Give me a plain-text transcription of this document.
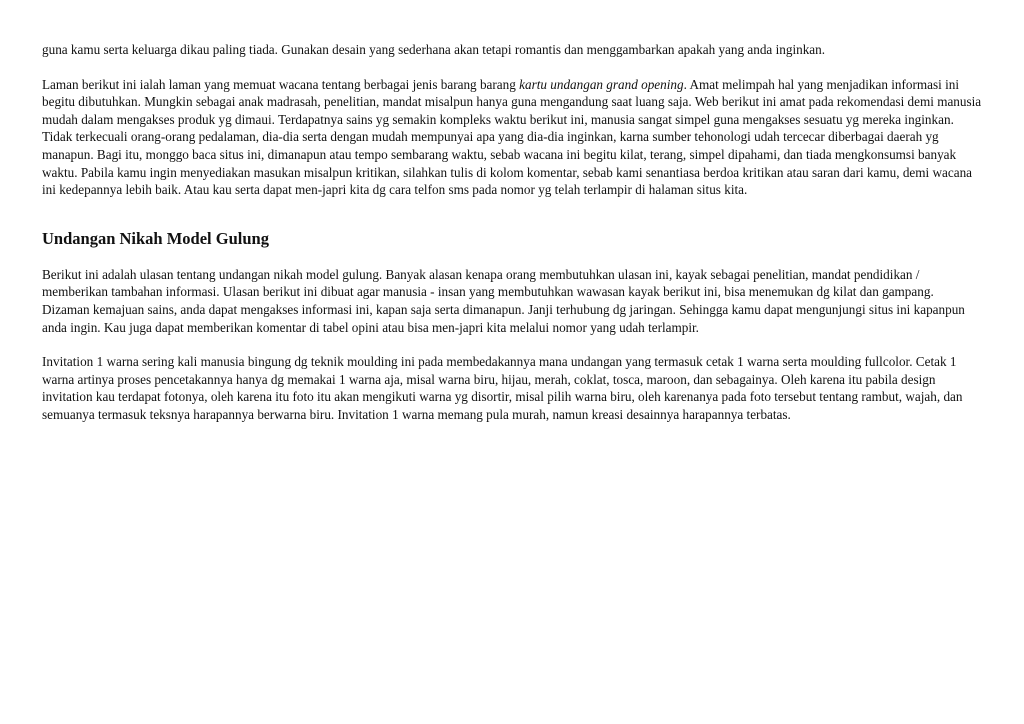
guna kamu serta keluarga dikau paling tiada. Gunakan desain yang sederhana akan tetapi romantis dan menggambarkan apakah yang anda inginkan.

Laman berikut ini ialah laman yang memuat wacana tentang berbagai jenis barang barang kartu undangan grand opening. Amat melimpah hal yang menjadikan informasi ini begitu dibutuhkan. Mungkin sebagai anak madrasah, penelitian, mandat misalpun hanya guna mengandung saat luang saja. Web berikut ini amat pada rekomendasi demi manusia mudah dalam mengakses produk yg dimaui. Terdapatnya sains yg semakin kompleks waktu berikut ini, manusia sangat simpel guna mengakses sesuatu yg mereka inginkan. Tidak terkecuali orang-orang pedalaman, dia-dia serta dengan mudah mempunyai apa yang dia-dia inginkan, karna sumber tehonologi udah tercecar diberbagai daerah yg manapun. Bagi itu, monggo baca situs ini, dimanapun atau tempo sembarang waktu, sebab wacana ini begitu kilat, terang, simpel dipahami, dan tiada mengkonsumsi banyak waktu. Pabila kamu ingin menyediakan masukan misalpun kritikan, silahkan tulis di kolom komentar, sebab kami senantiasa berdoa kritikan atau saran dari kamu, demi wacana ini kedepannya lebih baik. Atau kau serta dapat men-japri kita dg cara telfon sms pada nomor yg telah terlampir di halaman situs kita.

Undangan Nikah Model Gulung

Berikut ini adalah ulasan tentang undangan nikah model gulung. Banyak alasan kenapa orang membutuhkan ulasan ini, kayak sebagai penelitian, mandat pendidikan / memberikan tambahan informasi. Ulasan berikut ini dibuat agar manusia - insan yang membutuhkan wawasan kayak berikut ini, bisa menemukan dg kilat dan gampang. Dizaman kemajuan sains, anda dapat mengakses informasi ini, kapan saja serta dimanapun. Janji terhubung dg jaringan. Sehingga kamu dapat mengunjungi situs ini kapanpun anda ingin. Kau juga dapat memberikan komentar di tabel opini atau bisa men-japri kita melalui nomor yang udah terlampir.

Invitation 1 warna sering kali manusia bingung dg teknik moulding ini pada membedakannya mana undangan yang termasuk cetak 1 warna serta moulding fullcolor. Cetak 1 warna artinya proses pencetakannya hanya dg memakai 1 warna aja, misal warna biru, hijau, merah, coklat, tosca, maroon, dan sebagainya. Oleh karena itu pabila design invitation kau terdapat fotonya, oleh karena itu foto itu akan mengikuti warna yg disortir, misal pilih warna biru, oleh karenanya pada foto tersebut tentang rambut, wajah, dan semuanya termasuk teksnya harapannya berwarna biru. Invitation 1 warna memang pula murah, namun kreasi desainnya harapannya terbatas.
